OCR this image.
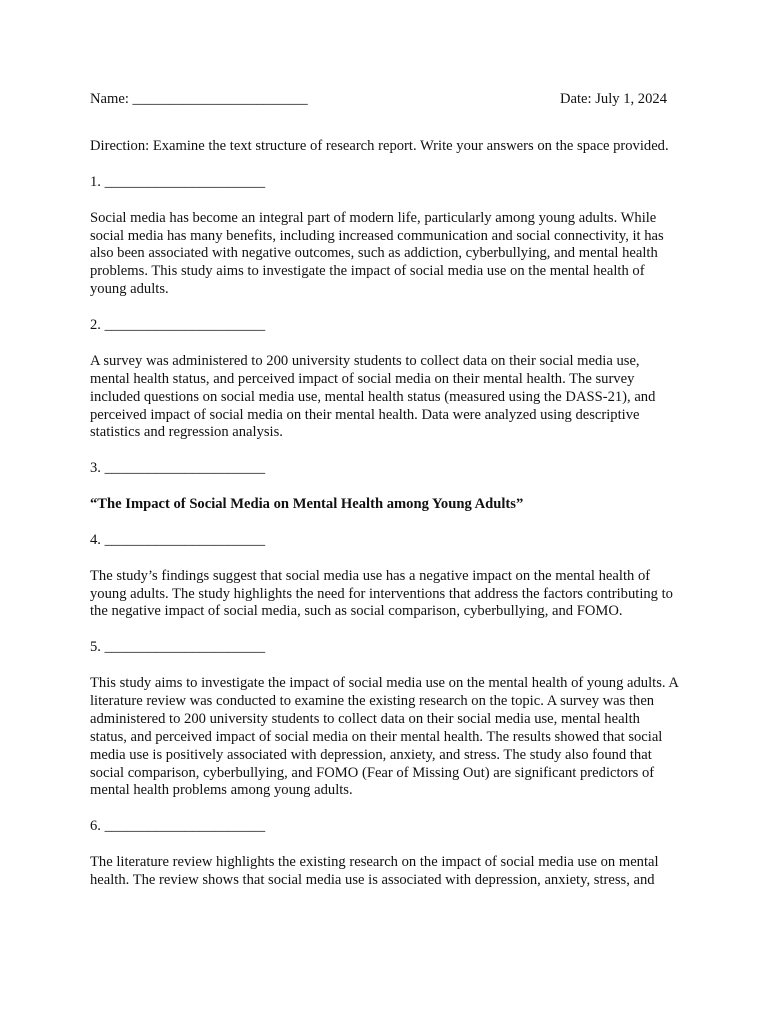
Name: ________________________	Date: July 1, 2024

Direction: Examine the text structure of research report. Write your answers on the space provided.

1. ______________________

Social media has become an integral part of modern life, particularly among young adults. While social media has many benefits, including increased communication and social connectivity, it has also been associated with negative outcomes, such as addiction, cyberbullying, and mental health problems. This study aims to investigate the impact of social media use on the mental health of young adults.

2. ______________________

A survey was administered to 200 university students to collect data on their social media use, mental health status, and perceived impact of social media on their mental health. The survey included questions on social media use, mental health status (measured using the DASS-21), and perceived impact of social media on their mental health. Data were analyzed using descriptive statistics and regression analysis.

3. ______________________

“The Impact of Social Media on Mental Health among Young Adults”

4. ______________________

The study’s findings suggest that social media use has a negative impact on the mental health of young adults. The study highlights the need for interventions that address the factors contributing to the negative impact of social media, such as social comparison, cyberbullying, and FOMO.

5. ______________________

This study aims to investigate the impact of social media use on the mental health of young adults. A literature review was conducted to examine the existing research on the topic. A survey was then administered to 200 university students to collect data on their social media use, mental health status, and perceived impact of social media on their mental health. The results showed that social media use is positively associated with depression, anxiety, and stress. The study also found that social comparison, cyberbullying, and FOMO (Fear of Missing Out) are significant predictors of mental health problems among young adults.

6. ______________________

The literature review highlights the existing research on the impact of social media use on mental health. The review shows that social media use is associated with depression, anxiety, stress, and
